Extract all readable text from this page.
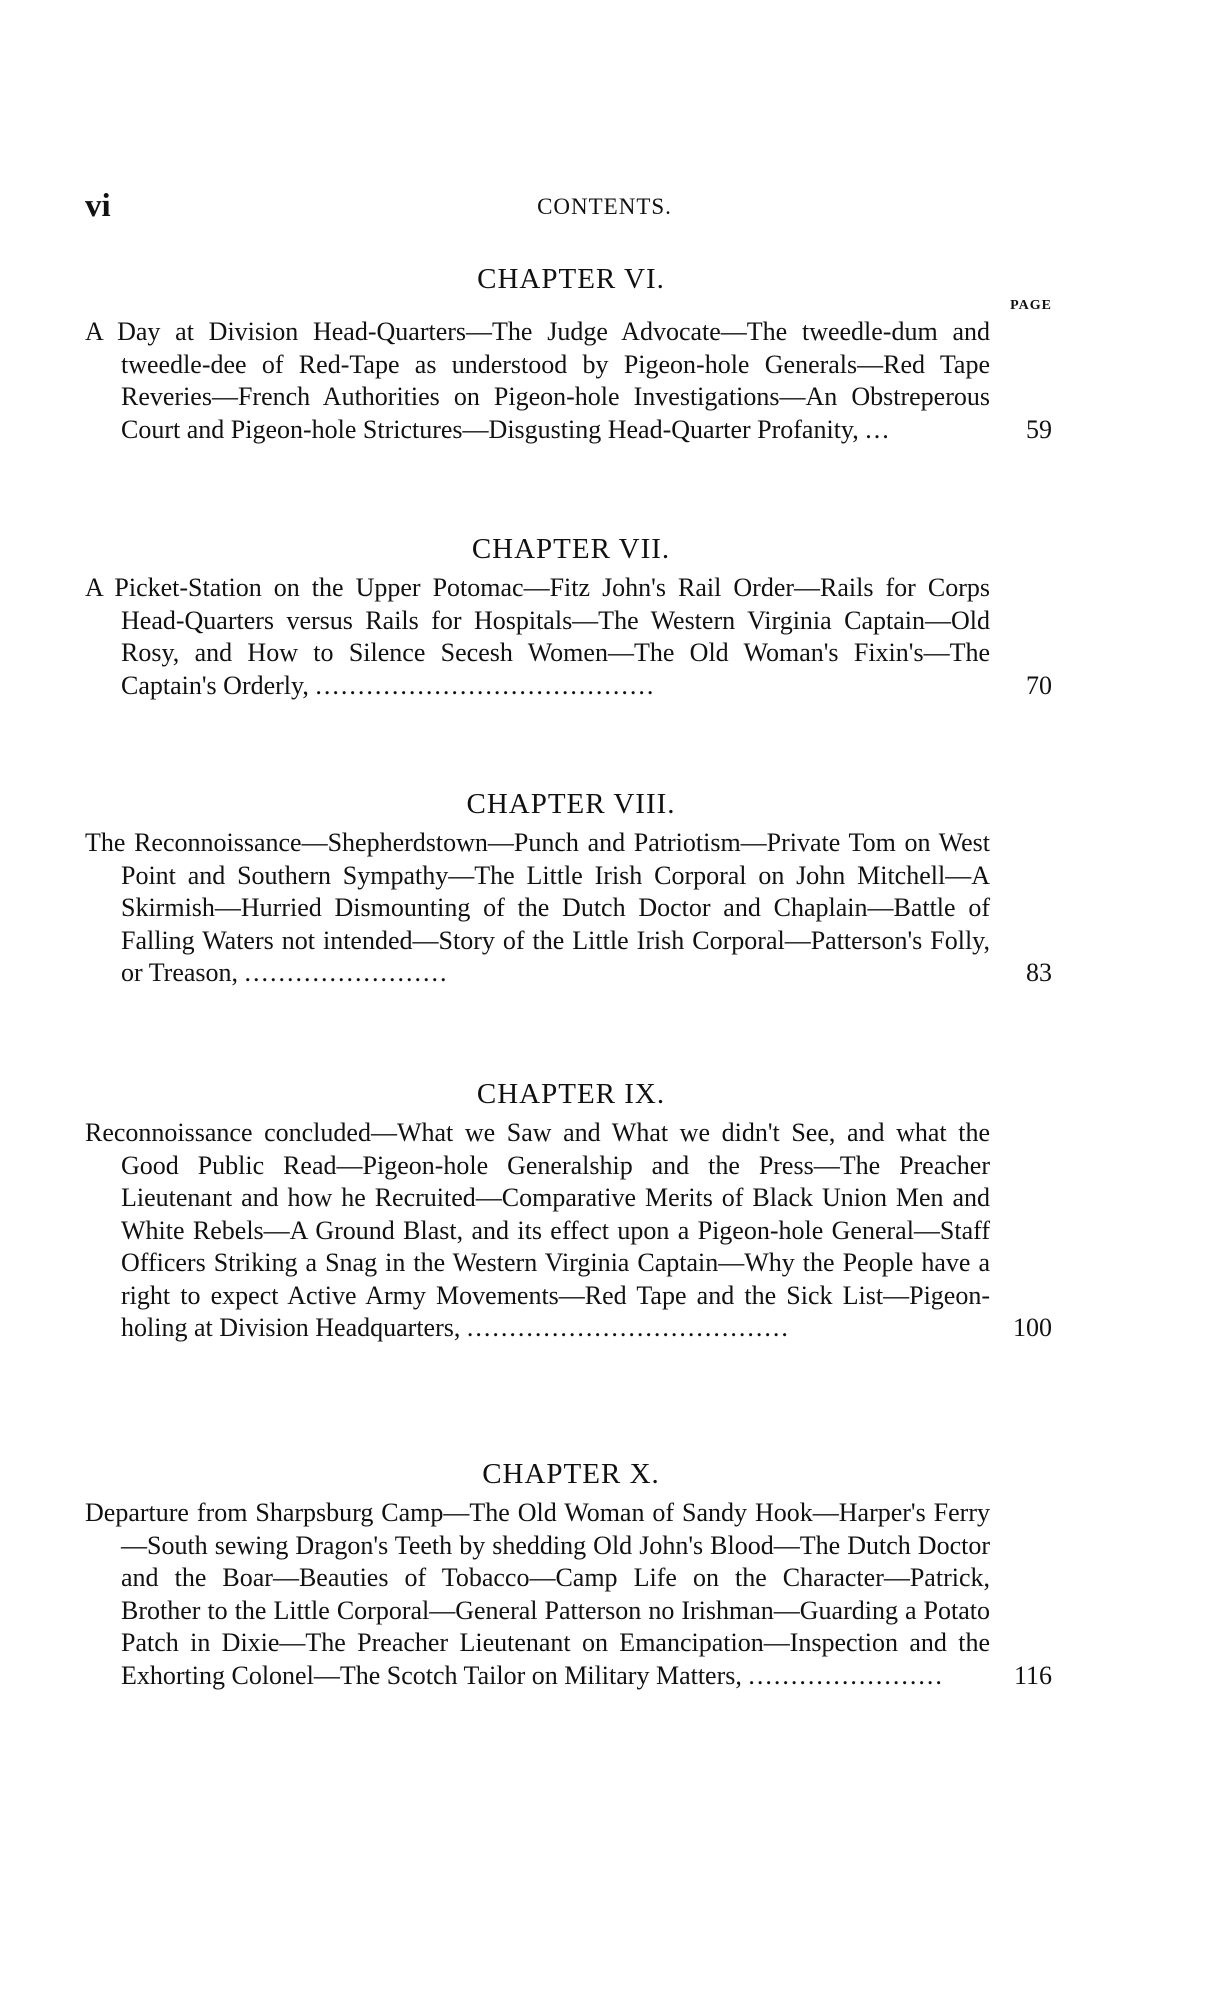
vi	CONTENTS.
CHAPTER VI.
PAGE
A Day at Division Head-Quarters—The Judge Advocate—The tweedle-dum and tweedle-dee of Red-Tape as understood by Pigeon-hole Generals—Red Tape Reveries—French Authorities on Pigeon-hole Investigations—An Obstreperous Court and Pigeon-hole Strictures—Disgusting Head-Quarter Profanity, ...	59
CHAPTER VII.
A Picket-Station on the Upper Potomac—Fitz John's Rail Order—Rails for Corps Head-Quarters versus Rails for Hospitals—The Western Virginia Captain—Old Rosy, and How to Silence Secesh Women—The Old Woman's Fixin's—The Captain's Orderly, ........................................	70
CHAPTER VIII.
The Reconnoissance—Shepherdstown—Punch and Patriotism—Private Tom on West Point and Southern Sympathy—The Little Irish Corporal on John Mitchell—A Skirmish—Hurried Dismounting of the Dutch Doctor and Chaplain—Battle of Falling Waters not intended—Story of the Little Irish Corporal—Patterson's Folly, or Treason, ........................	83
CHAPTER IX.
Reconnoissance concluded—What we Saw and What we didn't See, and what the Good Public Read—Pigeon-hole Generalship and the Press—The Preacher Lieutenant and how he Recruited—Comparative Merits of Black Union Men and White Rebels—A Ground Blast, and its effect upon a Pigeon-hole General—Staff Officers Striking a Snag in the Western Virginia Captain—Why the People have a right to expect Active Army Movements—Red Tape and the Sick List—Pigeon-holing at Division Headquarters, ......................................	100
CHAPTER X.
Departure from Sharpsburg Camp—The Old Woman of Sandy Hook—Harper's Ferry—South sewing Dragon's Teeth by shedding Old John's Blood—The Dutch Doctor and the Boar—Beauties of Tobacco—Camp Life on the Character—Patrick, Brother to the Little Corporal—General Patterson no Irishman—Guarding a Potato Patch in Dixie—The Preacher Lieutenant on Emancipation—Inspection and the Exhorting Colonel—The Scotch Tailor on Military Matters, .......................	116
